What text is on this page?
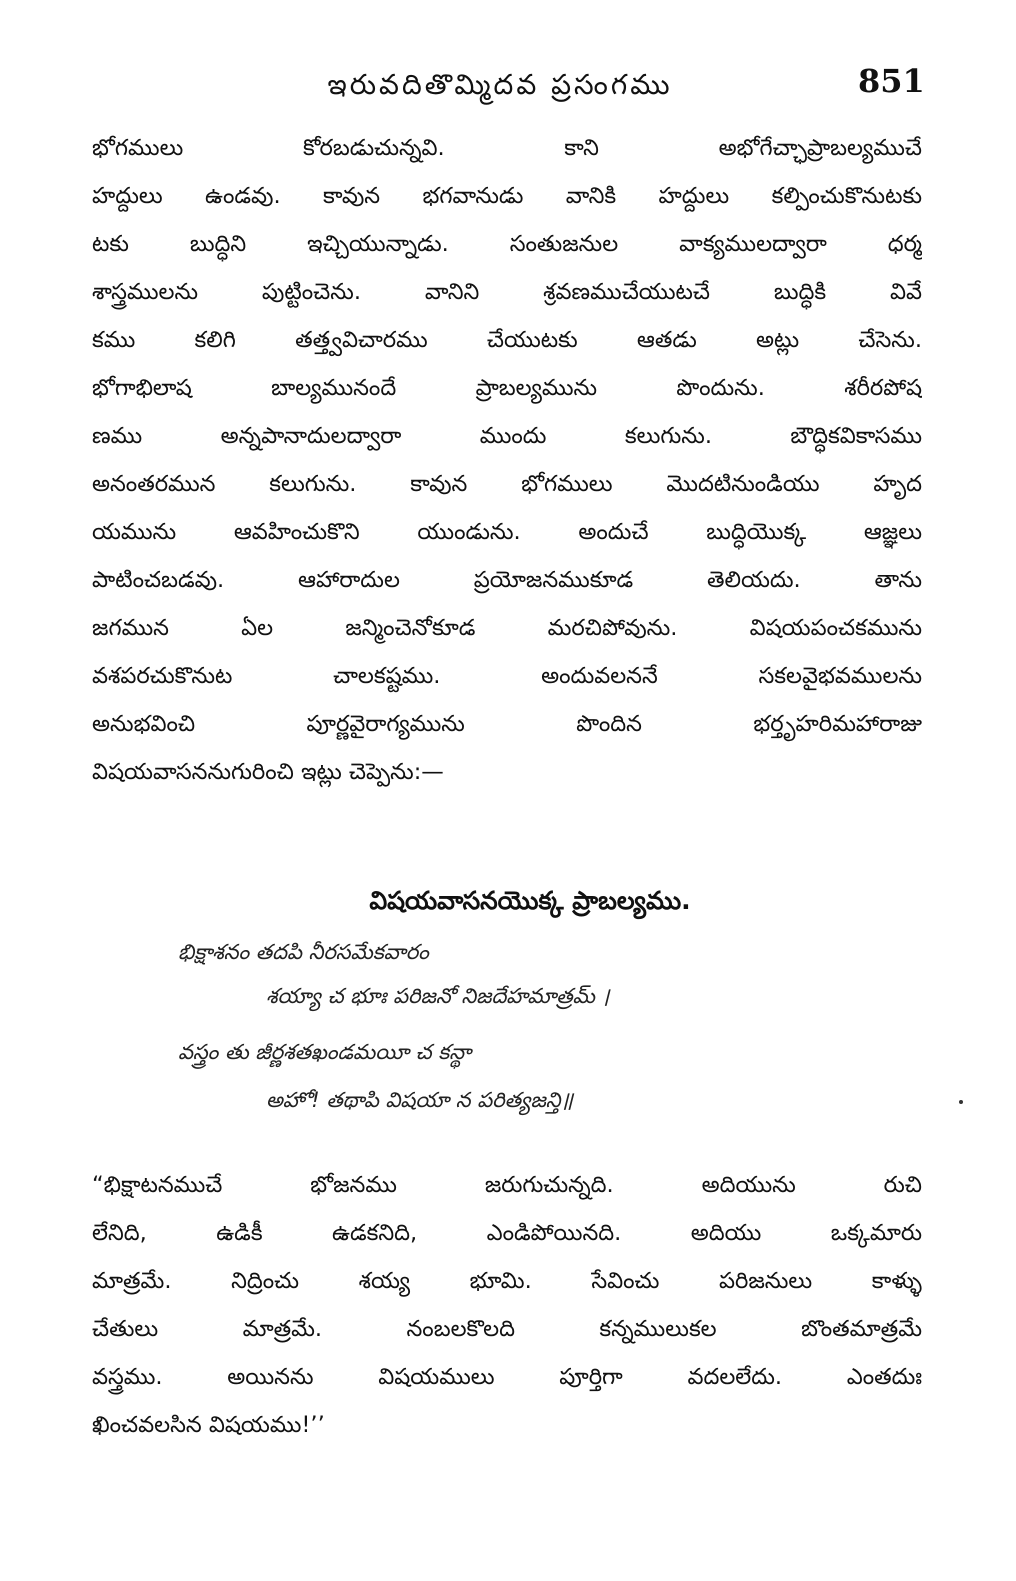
ఇరువదితొమ్మిదవ ప్రసంగము	851

భోగములు కోరబడుచున్నవి. కాని అభోగేచ్ఛాప్రాబల్యముచే
హద్దులు ఉండవు. కావున భగవానుడు వానికి హద్దులు కల్పించుకొనుటకు
టకు బుద్ధిని ఇచ్చియున్నాడు. సంతుజనుల వాక్యములద్వారా ధర్మ
శాస్త్రములను పుట్టించెను. వానిని శ్రవణముచేయుటచే బుద్ధికి వివే
కము కలిగి తత్త్వవిచారము చేయుటకు ఆతడు అట్లు చేసెను.
భోగాభిలాష బాల్యమునందే ప్రాబల్యమును పొందును. శరీరపోష
ణము అన్నపానాదులద్వారా ముందు కలుగును. బౌద్ధికవికాసము
అనంతరమున కలుగును. కావున భోగములు మొదటినుండియు హృద
యమును ఆవహించుకొని యుండును. అందుచే బుద్ధియొక్క ఆజ్ఞలు
పాటించబడవు. ఆహారాదుల ప్రయోజనముకూడ తెలియదు. తాను
జగమున ఏల జన్మించెనోకూడ మరచిపోవును. విషయపంచకమును
వశపరచుకొనుట చాలకష్టము. అందువలననే సకలవైభవములను
అనుభవించి పూర్ణవైరాగ్యమును పొందిన భర్తృహరిమహారాజు
విషయవాసననుగురించి ఇట్లు చెప్పెను:—

విషయవాసనయొక్క ప్రాబల్యము.
భిక్షాశనం తదపి నీరసమేకవారం
శయ్యా చ భూః పరిజనో నిజదేహమాత్రమ్ ।
వస్త్రం తు జీర్ణశతఖండమయీ చ కన్థా
అహో! తథాపి విషయా న పరిత్యజన్తి॥

“భిక్షాటనముచే భోజనము జరుగుచున్నది. అదియును రుచి
లేనిది, ఉడికీ ఉడకనిది, ఎండిపోయినది. అదియు ఒక్కమారు
మాత్రమే. నిద్రించు శయ్య భూమి. సేవించు పరిజనులు కాళ్ళు
చేతులు మాత్రమే. నంబలకొలది కన్నములుకల బొంతమాత్రమే
వస్త్రము. అయినను విషయములు పూర్తిగా వదలలేదు. ఎంతదుః
ఖించవలసిన విషయము!’’
